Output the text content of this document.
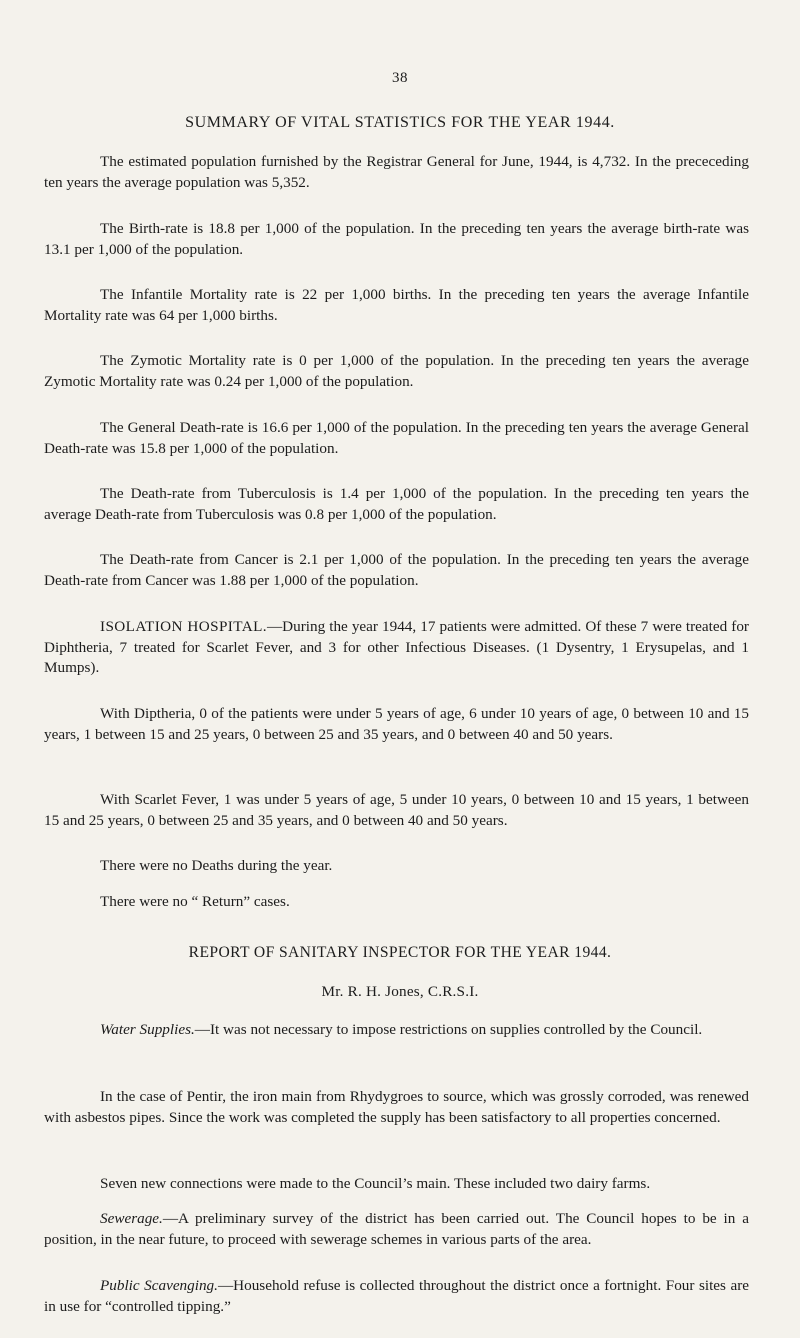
38
SUMMARY OF VITAL STATISTICS FOR THE YEAR 1944.

The estimated population furnished by the Registrar General for June, 1944, is 4,732. In the prececeding ten years the average population was 5,352.

The Birth-rate is 18.8 per 1,000 of the population. In the preceding ten years the average birth-rate was 13.1 per 1,000 of the population.

The Infantile Mortality rate is 22 per 1,000 births. In the preceding ten years the average Infantile Mortality rate was 64 per 1,000 births.

The Zymotic Mortality rate is 0 per 1,000 of the population. In the preceding ten years the average Zymotic Mortality rate was 0.24 per 1,000 of the population.

The General Death-rate is 16.6 per 1,000 of the population. In the preceding ten years the average General Death-rate was 15.8 per 1,000 of the population.

The Death-rate from Tuberculosis is 1.4 per 1,000 of the population. In the preceding ten years the average Death-rate from Tuberculosis was 0.8 per 1,000 of the population.

The Death-rate from Cancer is 2.1 per 1,000 of the population. In the preceding ten years the average Death-rate from Cancer was 1.88 per 1,000 of the population.

ISOLATION HOSPITAL.—During the year 1944, 17 patients were admitted. Of these 7 were treated for Diphtheria, 7 treated for Scarlet Fever, and 3 for other Infectious Diseases. (1 Dysentry, 1 Erysupelas, and 1 Mumps).

With Diptheria, 0 of the patients were under 5 years of age, 6 under 10 years of age, 0 between 10 and 15 years, 1 between 15 and 25 years, 0 between 25 and 35 years, and 0 between 40 and 50 years.

With Scarlet Fever, 1 was under 5 years of age, 5 under 10 years, 0 between 10 and 15 years, 1 between 15 and 25 years, 0 between 25 and 35 years, and 0 between 40 and 50 years.

There were no Deaths during the year.

There were no “ Return” cases.

REPORT OF SANITARY INSPECTOR FOR THE YEAR 1944.
Mr. R. H. Jones, C.R.S.I.

Water Supplies.—It was not necessary to impose restrictions on supplies controlled by the Council.

In the case of Pentir, the iron main from Rhydygroes to source, which was grossly corroded, was renewed with asbestos pipes. Since the work was completed the supply has been satisfactory to all properties concerned.

Seven new connections were made to the Council’s main. These included two dairy farms.

Sewerage.—A preliminary survey of the district has been carried out. The Council hopes to be in a position, in the near future, to proceed with sewerage schemes in various parts of the area.

Public Scavenging.—Household refuse is collected throughout the district once a fortnight. Four sites are in use for “controlled tipping.”
